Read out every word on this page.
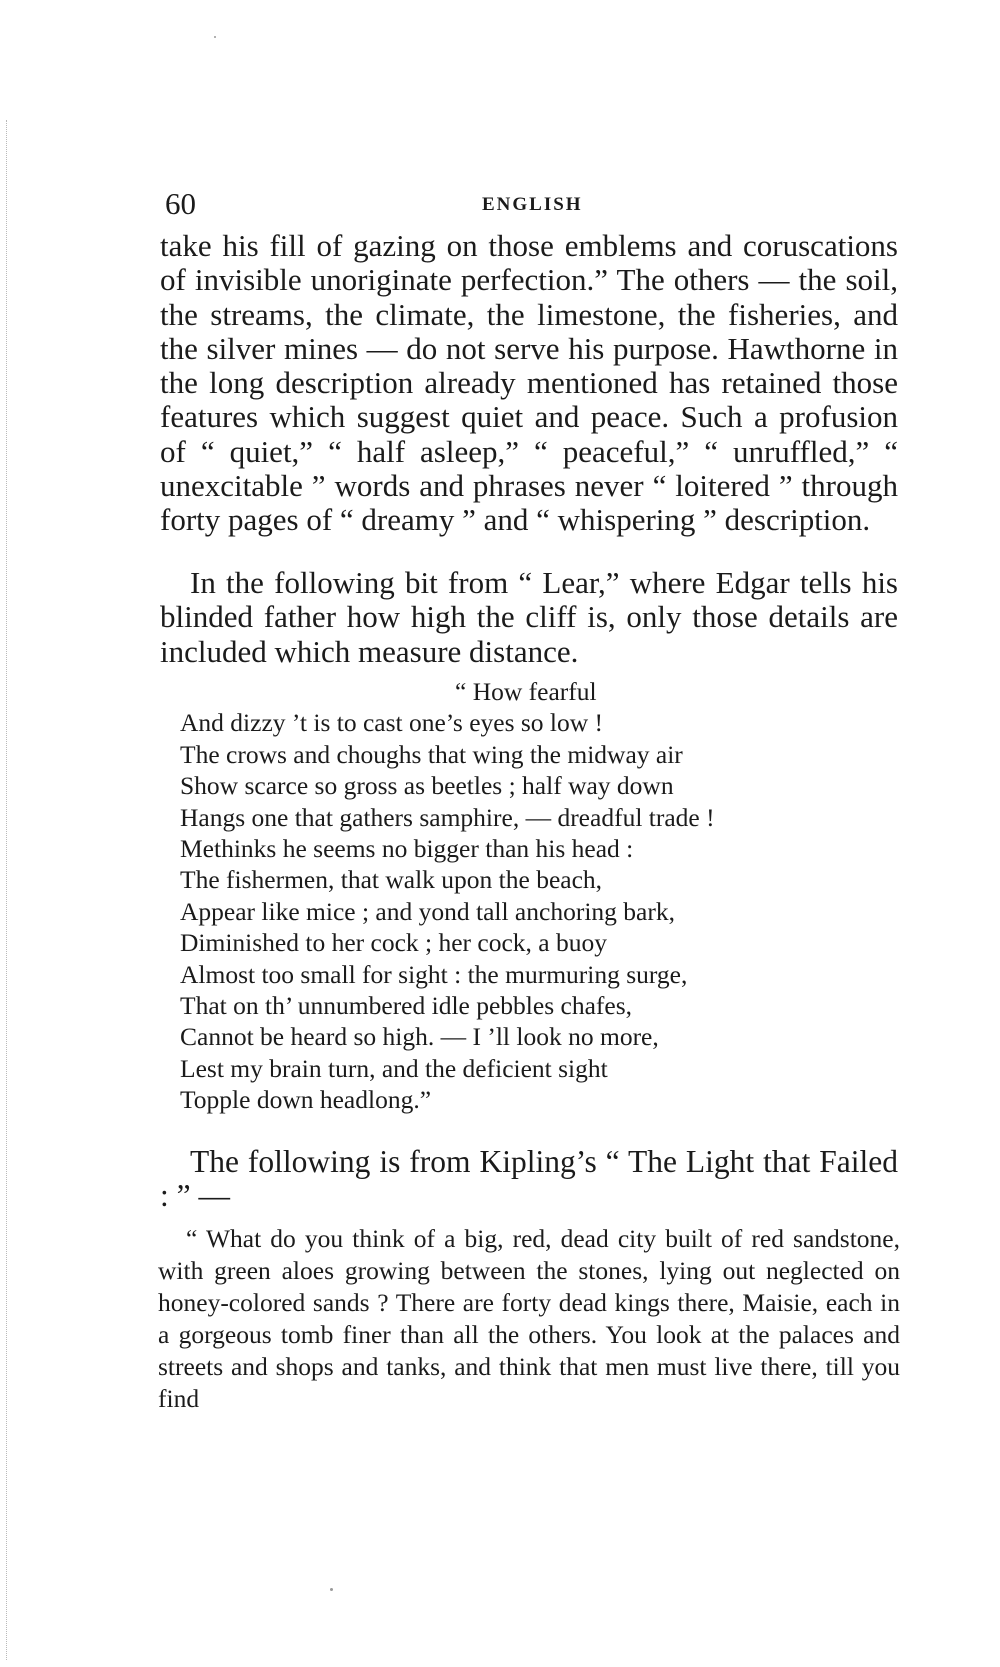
60	ENGLISH

take his fill of gazing on those emblems and coruscations of invisible unoriginate perfection.” The others — the soil, the streams, the climate, the limestone, the fisheries, and the silver mines — do not serve his purpose. Hawthorne in the long description already mentioned has retained those features which suggest quiet and peace. Such a profusion of “ quiet,” “ half asleep,” “ peaceful,” “ unruffled,” “ unexcitable ” words and phrases never “ loitered ” through forty pages of “ dreamy ” and “ whispering ” description.

In the following bit from “ Lear,” where Edgar tells his blinded father how high the cliff is, only those details are included which measure distance.

“ How fearful
And dizzy ’t is to cast one’s eyes so low !
The crows and choughs that wing the midway air
Show scarce so gross as beetles ; half way down
Hangs one that gathers samphire, — dreadful trade !
Methinks he seems no bigger than his head :
The fishermen, that walk upon the beach,
Appear like mice ; and yond tall anchoring bark,
Diminished to her cock ; her cock, a buoy
Almost too small for sight : the murmuring surge,
That on th’ unnumbered idle pebbles chafes,
Cannot be heard so high. — I ’ll look no more,
Lest my brain turn, and the deficient sight
Topple down headlong.”

The following is from Kipling’s “ The Light that Failed : ” —

“ What do you think of a big, red, dead city built of red sandstone, with green aloes growing between the stones, lying out neglected on honey-colored sands ? There are forty dead kings there, Maisie, each in a gorgeous tomb finer than all the others. You look at the palaces and streets and shops and tanks, and think that men must live there, till you find
